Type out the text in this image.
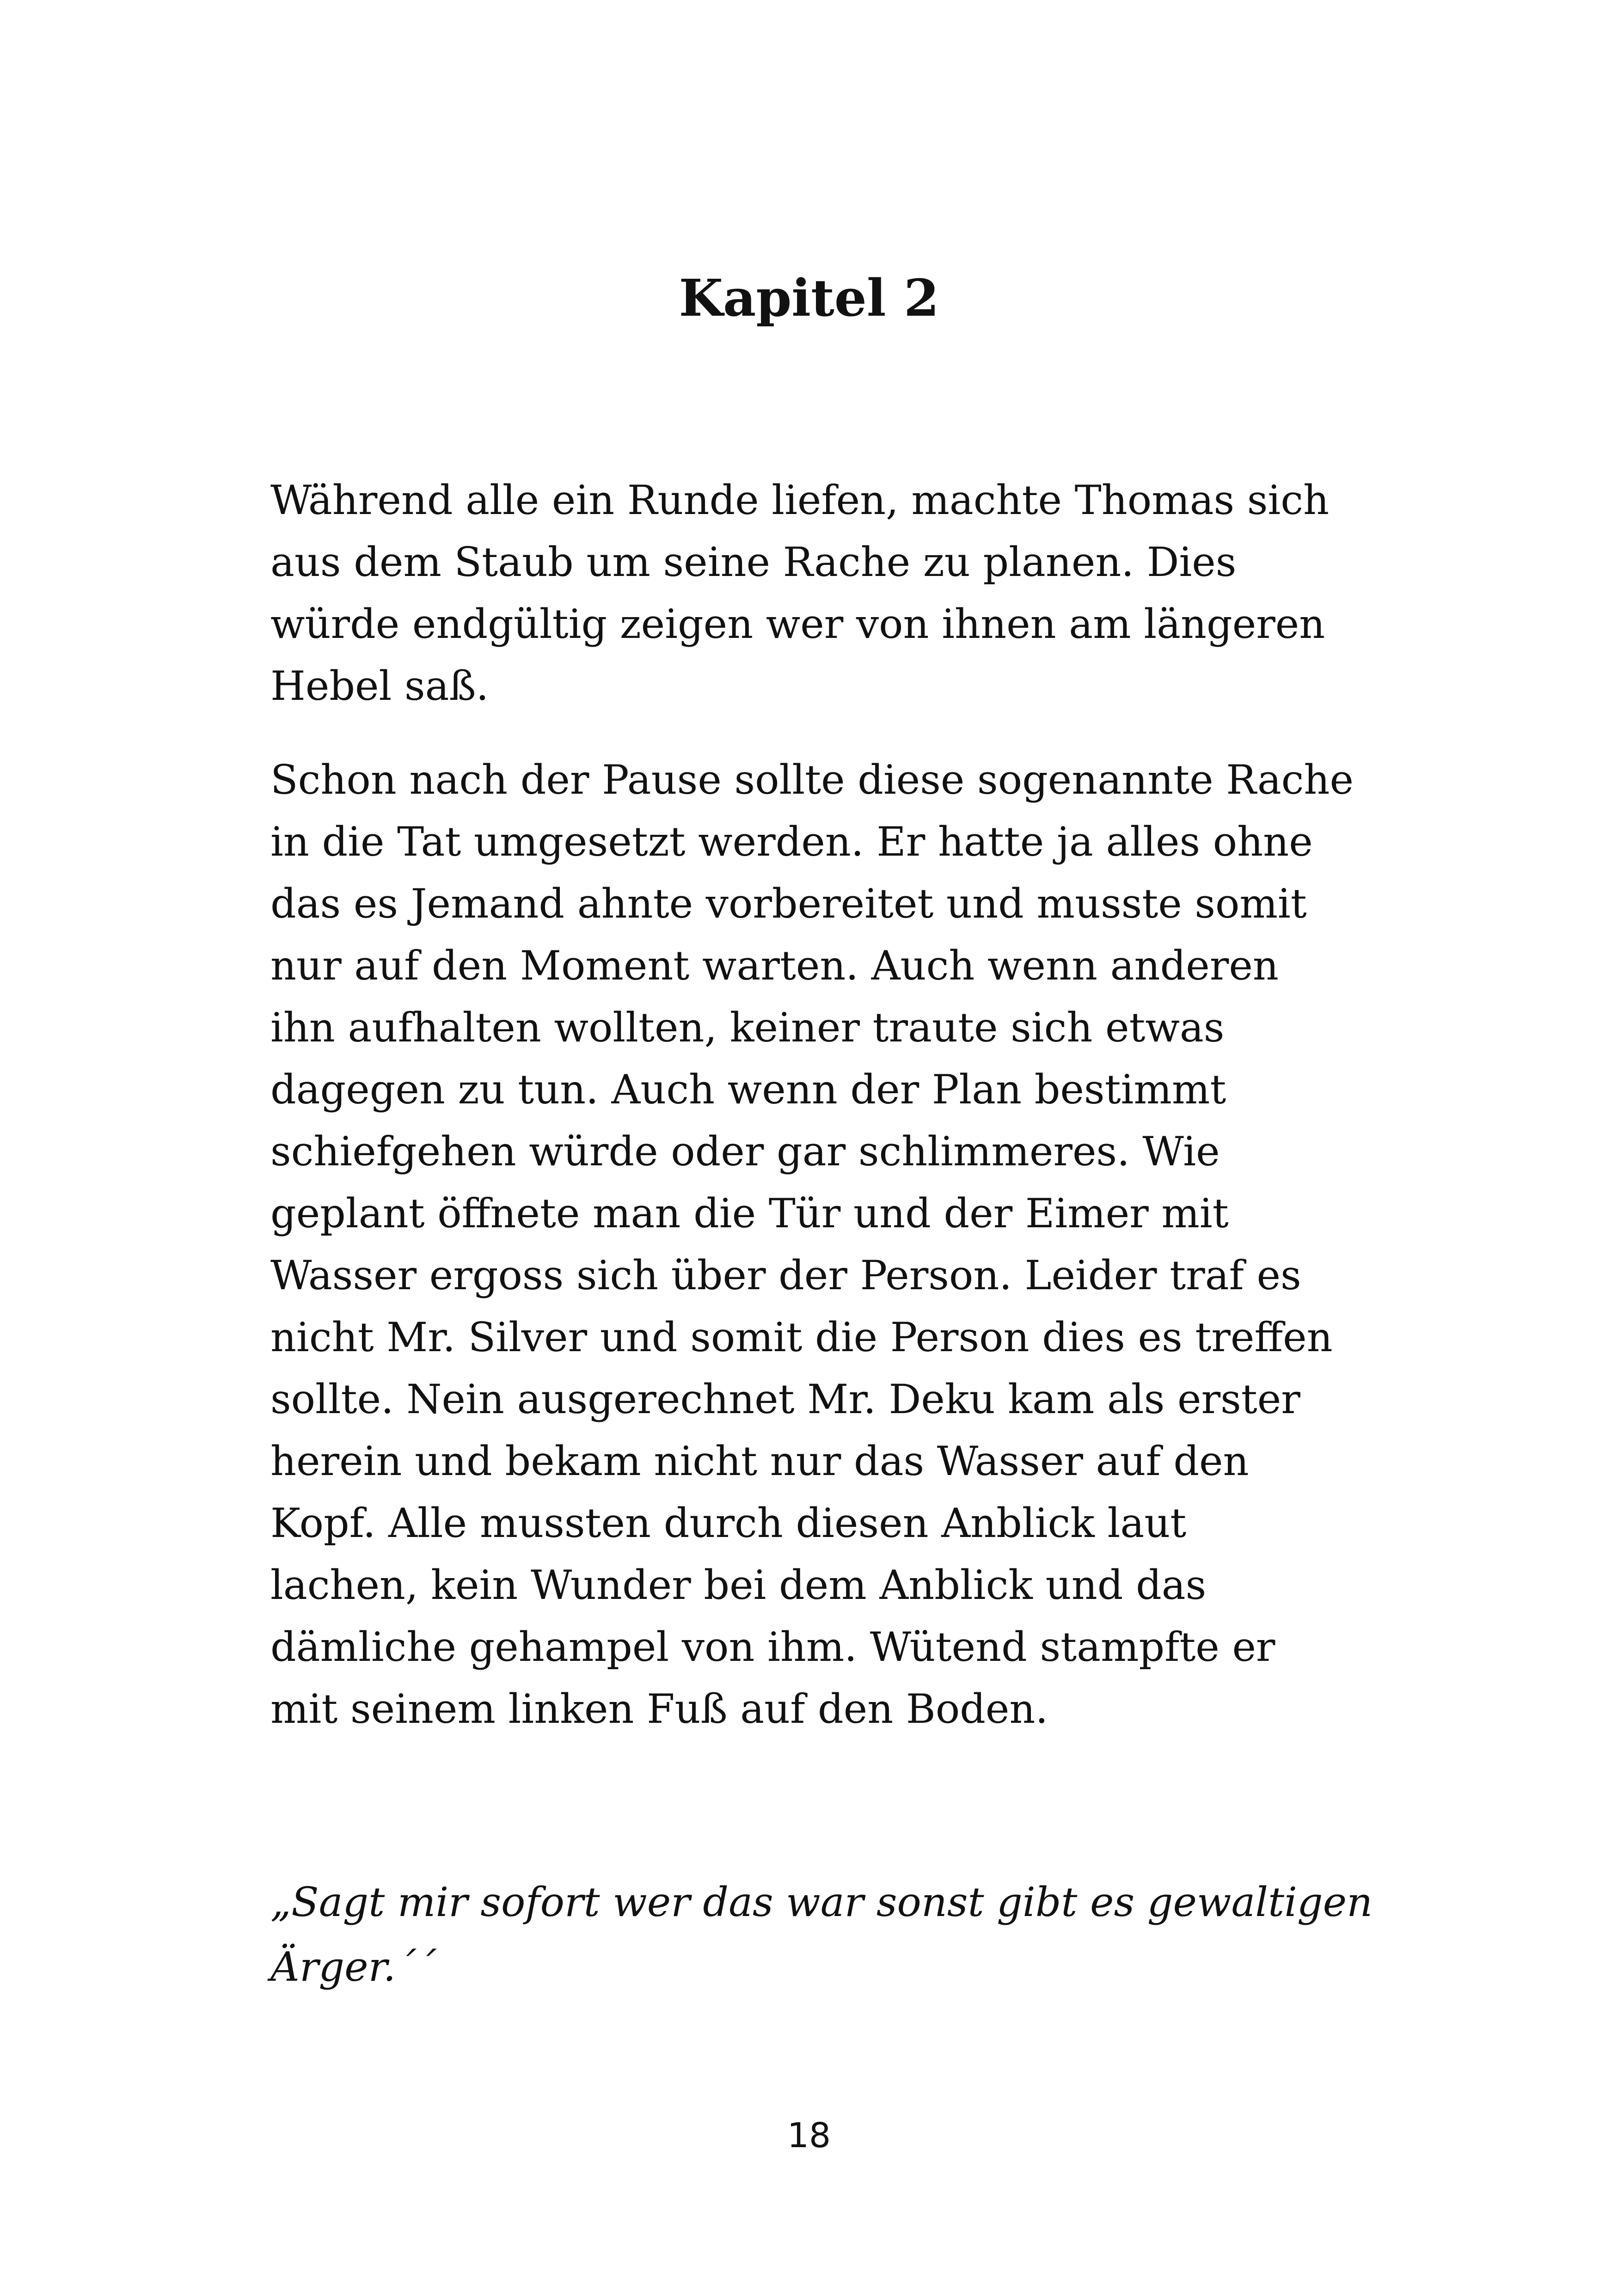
Kapitel 2

Während alle ein Runde liefen, machte Thomas sich
aus dem Staub um seine Rache zu planen. Dies
würde endgültig zeigen wer von ihnen am längeren
Hebel saß.

Schon nach der Pause sollte diese sogenannte Rache
in die Tat umgesetzt werden. Er hatte ja alles ohne
das es Jemand ahnte vorbereitet und musste somit
nur auf den Moment warten. Auch wenn anderen
ihn aufhalten wollten, keiner traute sich etwas
dagegen zu tun. Auch wenn der Plan bestimmt
schiefgehen würde oder gar schlimmeres. Wie
geplant öffnete man die Tür und der Eimer mit
Wasser ergoss sich über der Person. Leider traf es
nicht Mr. Silver und somit die Person dies es treffen
sollte. Nein ausgerechnet Mr. Deku kam als erster
herein und bekam nicht nur das Wasser auf den
Kopf. Alle mussten durch diesen Anblick laut
lachen, kein Wunder bei dem Anblick und das
dämliche gehampel von ihm. Wütend stampfte er
mit seinem linken Fuß auf den Boden.

„Sagt mir sofort wer das war sonst gibt es gewaltigen
Ärger.´´

18
